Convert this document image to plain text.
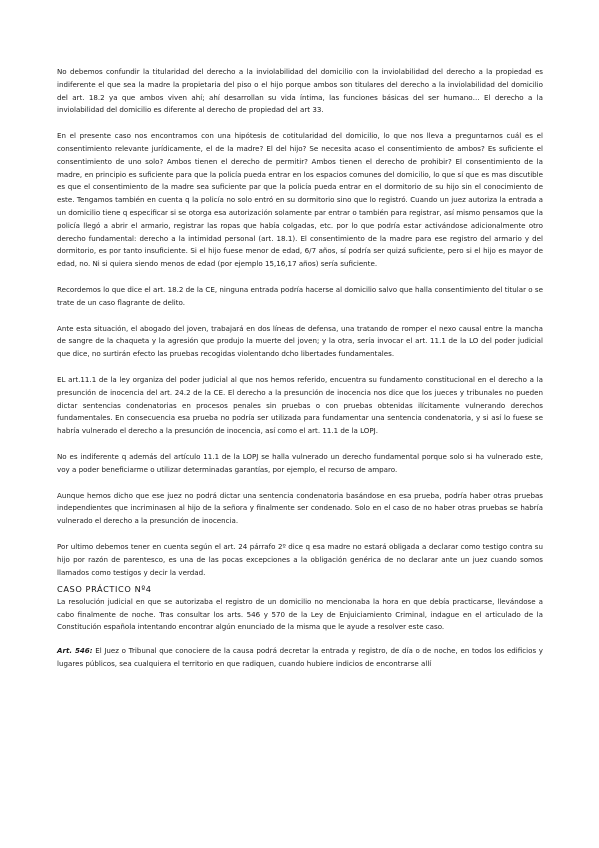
No debemos confundir la titularidad del derecho a la inviolabilidad del domicilio con la inviolabilidad del derecho a la propiedad es indiferente el que sea la madre la propietaria del piso o el hijo porque ambos son titulares del derecho a la inviolabilidad del domicilio del art. 18.2 ya que ambos viven ahí; ahí desarrollan su vida íntima, las funciones básicas del ser humano… El derecho a la inviolabilidad del domicilio es diferente al derecho de propiedad del art 33.

En el presente caso nos encontramos con una hipótesis de cotitularidad del domicilio, lo que nos lleva a preguntarnos cuál es el consentimiento relevante jurídicamente, el de la madre? El del hijo? Se necesita acaso el consentimiento de ambos? Es suficiente el consentimiento de uno solo? Ambos tienen el derecho de permitir? Ambos tienen el derecho de prohibir? El consentimiento de la madre, en principio es suficiente para que la policía pueda entrar en los espacios comunes del domicilio, lo que sí que es mas discutible es que el consentimiento de la madre sea suficiente par que la policía pueda entrar en el dormitorio de su hijo sin el conocimiento de este. Tengamos también en cuenta q la policía no solo entró en su dormitorio sino que lo registró. Cuando un juez autoriza la entrada a un domicilio tiene q especificar si se otorga esa autorización solamente par entrar o también para registrar, así mismo pensamos que la policía llegó a abrir el armario, registrar las ropas que había colgadas, etc. por lo que podría estar activándose adicionalmente otro derecho fundamental: derecho a la intimidad personal (art. 18.1). El consentimiento de la madre para ese registro del armario y del dormitorio, es por tanto insuficiente. Si el hijo fuese menor de edad, 6/7 años, sí podría ser quizá suficiente, pero si el hijo es mayor de edad, no. Ni si quiera siendo menos de edad (por ejemplo 15,16,17 años) sería suficiente.

Recordemos lo que dice el art. 18.2 de la CE, ninguna entrada podría hacerse al domicilio salvo que halla consentimiento del titular o se trate de un caso flagrante de delito.

Ante esta situación, el abogado del joven, trabajará en dos líneas de defensa, una tratando de romper el nexo causal entre la mancha de sangre de la chaqueta y la agresión que produjo la muerte del joven; y la otra, sería invocar el art. 11.1 de la LO del poder judicial que dice, no surtirán efecto las pruebas recogidas violentando dcho libertades fundamentales.

EL art.11.1 de la ley organiza del poder judicial al que nos hemos referido, encuentra su fundamento constitucional en el derecho a la presunción de inocencia del art. 24.2 de la CE. El derecho a la presunción de inocencia nos dice que los jueces y tribunales no pueden dictar sentencias condenatorias en procesos penales sin pruebas o con pruebas obtenidas ilícitamente vulnerando derechos fundamentales. En consecuencia esa prueba no podría ser utilizada para fundamentar una sentencia condenatoria, y si así lo fuese se habría vulnerado el derecho a la presunción de inocencia, así como el art. 11.1 de la LOPJ.

No es indiferente q además del artículo 11.1 de la LOPJ se halla vulnerado un derecho fundamental porque solo si ha vulnerado este, voy a poder beneficiarme o utilizar determinadas garantías, por ejemplo, el recurso de amparo.

Aunque hemos dicho que ese juez no podrá dictar una sentencia condenatoria basándose en esa prueba, podría haber otras pruebas independientes que incriminasen al hijo de la señora y finalmente ser condenado. Solo en el caso de no haber otras pruebas se habría vulnerado el derecho a la presunción de inocencia.

Por ultimo debemos tener en cuenta según el art. 24 párrafo 2º dice q esa madre no estará obligada a declarar como testigo contra su hijo por razón de parentesco, es una de las pocas excepciones a la obligación genérica de no declarar ante un juez cuando somos llamados como testigos y decir la verdad.

CASO PRÁCTICO Nº4

La resolución judicial en que se autorizaba el registro de un domicilio no mencionaba la hora en que debía practicarse, llevándose a cabo finalmente de noche. Tras consultar los arts. 546 y 570 de la Ley de Enjuiciamiento Criminal, indague en el articulado de la Constitución española intentando encontrar algún enunciado de la misma que le ayude a resolver este caso.

Art. 546: El Juez o Tribunal que conociere de la causa podrá decretar la entrada y registro, de día o de noche, en todos los edificios y lugares públicos, sea cualquiera el territorio en que radiquen, cuando hubiere indicios de encontrarse allí
